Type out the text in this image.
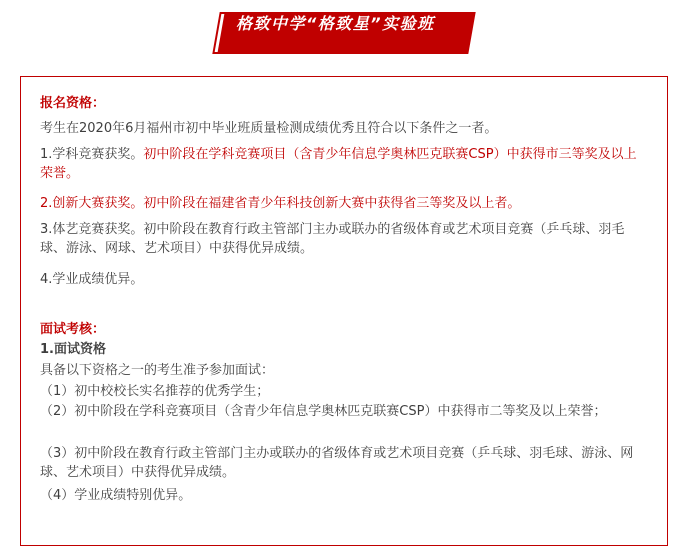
格致中学“格致星”实验班
报名资格：
考生在2020年6月福州市初中毕业班质量检测成绩优秀且符合以下条件之一者。
1.学科竞赛获奖。初中阶段在学科竞赛项目（含青少年信息学奥林匹克联赛CSP）中获得市三等奖及以上荣誉。
2.创新大赛获奖。初中阶段在福建省青少年科技创新大赛中获得省三等奖及以上者。
3.体艺竞赛获奖。初中阶段在教育行政主管部门主办或联办的省级体育或艺术项目竞赛（乒乓球、羽毛球、游泳、网球、艺术项目）中获得优异成绩。
4.学业成绩优异。
面试考核：
1.面试资格
具备以下资格之一的考生准予参加面试：
（1）初中校校长实名推荐的优秀学生；
（2）初中阶段在学科竞赛项目（含青少年信息学奥林匹克联赛CSP）中获得市二等奖及以上荣誉；
（3）初中阶段在教育行政主管部门主办或联办的省级体育或艺术项目竞赛（乒乓球、羽毛球、游泳、网球、艺术项目）中获得优异成绩。
（4）学业成绩特别优异。
